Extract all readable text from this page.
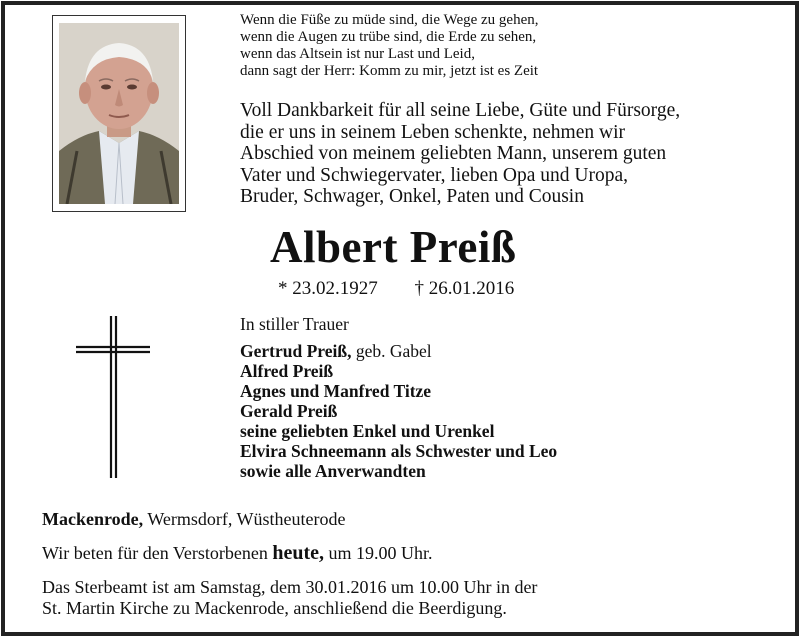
Wenn die Füße zu müde sind, die Wege zu gehen,
wenn die Augen zu trübe sind, die Erde zu sehen,
wenn das Altsein ist nur Last und Leid,
dann sagt der Herr: Komm zu mir, jetzt ist es Zeit
Voll Dankbarkeit für all seine Liebe, Güte und Fürsorge,
die er uns in seinem Leben schenkte, nehmen wir
Abschied von meinem geliebten Mann, unserem guten
Vater und Schwiegervater, lieben Opa und Uropa,
Bruder, Schwager, Onkel, Paten und Cousin
Albert Preiß
* 23.02.1927 † 26.01.2016
In stiller Trauer
Gertrud Preiß, geb. Gabel
Alfred Preiß
Agnes und Manfred Titze
Gerald Preiß
seine geliebten Enkel und Urenkel
Elvira Schneemann als Schwester und Leo
sowie alle Anverwandten
Mackenrode, Wermsdorf, Wüstheuterode
Wir beten für den Verstorbenen heute, um 19.00 Uhr.
Das Sterbeamt ist am Samstag, dem 30.01.2016 um 10.00 Uhr in der
St. Martin Kirche zu Mackenrode, anschließend die Beerdigung.
